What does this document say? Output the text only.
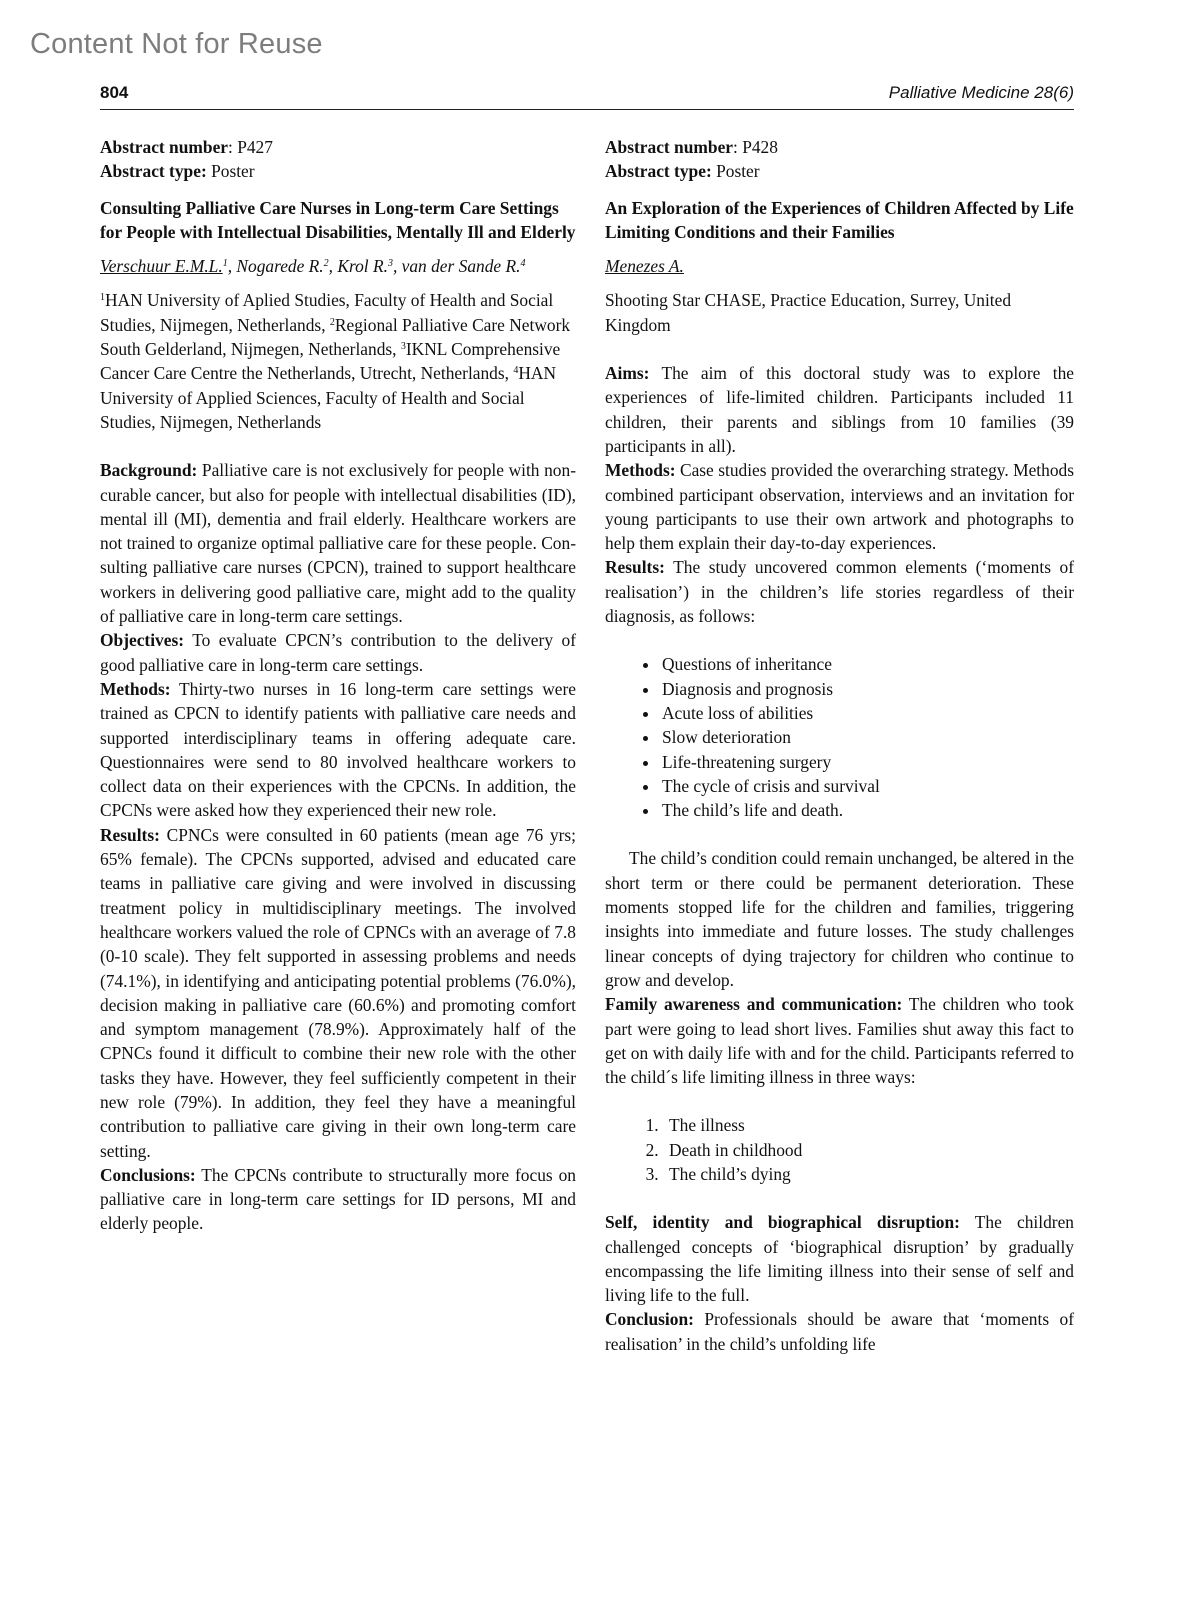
Content Not for Reuse
804	Palliative Medicine 28(6)

Abstract number: P427

Abstract type: Poster

Consulting Palliative Care Nurses in Long-term Care Settings for People with Intellectual Disabilities, Mentally Ill and Elderly
Verschuur E.M.L.$^1$, Nogarede R.$^2$, Krol R.$^3$, van der Sande R.$^4$
$^1$HAN University of Aplied Studies, Faculty of Health and Social Studies, Nijmegen, Netherlands, $^2$Regional Palliative Care Network South Gelderland, Nijmegen, Netherlands, $^3$IKNL Comprehensive Cancer Care Centre the Netherlands, Utrecht, Netherlands, $^4$HAN University of Applied Sciences, Faculty of Health and Social Studies, Nijmegen, Netherlands

Background: Palliative care is not exclusively for people with non-curable cancer, but also for people with intellectual disabilities (ID), mental ill (MI), dementia and frail elderly. Healthcare workers are not trained to organize optimal palliative care for these people. Consulting palliative care nurses (CPCN), trained to support healthcare workers in delivering good palliative care, might add to the quality of palliative care in long-term care settings.

Objectives: To evaluate CPCN’s contribution to the delivery of good palliative care in long-term care settings.

Methods: Thirty-two nurses in 16 long-term care settings were trained as CPCN to identify patients with palliative care needs and supported interdisciplinary teams in offering adequate care. Questionnaires were send to 80 involved healthcare workers to collect data on their experiences with the CPCNs. In addition, the CPCNs were asked how they experienced their new role.

Results: CPNCs were consulted in 60 patients (mean age 76 yrs; 65% female). The CPCNs supported, advised and educated care teams in palliative care giving and were involved in discussing treatment policy in multidisciplinary meetings. The involved healthcare workers valued the role of CPNCs with an average of 7.8 (0-10 scale). They felt supported in assessing problems and needs (74.1%), in identifying and anticipating potential problems (76.0%), decision making in palliative care (60.6%) and promoting comfort and symptom management (78.9%). Approximately half of the CPNCs found it difficult to combine their new role with the other tasks they have. However, they feel sufficiently competent in their new role (79%). In addition, they feel they have a meaningful contribution to palliative care giving in their own long-term care setting.

Conclusions: The CPCNs contribute to structurally more focus on palliative care in long-term care settings for ID persons, MI and elderly people.

Abstract number: P428

Abstract type: Poster

An Exploration of the Experiences of Children Affected by Life Limiting Conditions and their Families
Menezes A.
Shooting Star CHASE, Practice Education, Surrey, United Kingdom

Aims: The aim of this doctoral study was to explore the experiences of life-limited children. Participants included 11 children, their parents and siblings from 10 families (39 participants in all).

Methods: Case studies provided the overarching strategy. Methods combined participant observation, interviews and an invitation for young participants to use their own artwork and photographs to help them explain their day-to-day experiences.

Results: The study uncovered common elements (‘moments of realisation’) in the children’s life stories regardless of their diagnosis, as follows:

• Questions of inheritance
• Diagnosis and prognosis
• Acute loss of abilities
• Slow deterioration
• Life-threatening surgery
• The cycle of crisis and survival
• The child’s life and death.

The child’s condition could remain unchanged, be altered in the short term or there could be permanent deterioration. These moments stopped life for the children and families, triggering insights into immediate and future losses. The study challenges linear concepts of dying trajectory for children who continue to grow and develop.

Family awareness and communication: The children who took part were going to lead short lives. Families shut away this fact to get on with daily life with and for the child. Participants referred to the child´s life limiting illness in three ways:

1. The illness
2. Death in childhood
3. The child’s dying

Self, identity and biographical disruption: The children challenged concepts of ‘biographical disruption’ by gradually encompassing the life limiting illness into their sense of self and living life to the full.

Conclusion: Professionals should be aware that ‘moments of realisation’ in the child’s unfolding life
